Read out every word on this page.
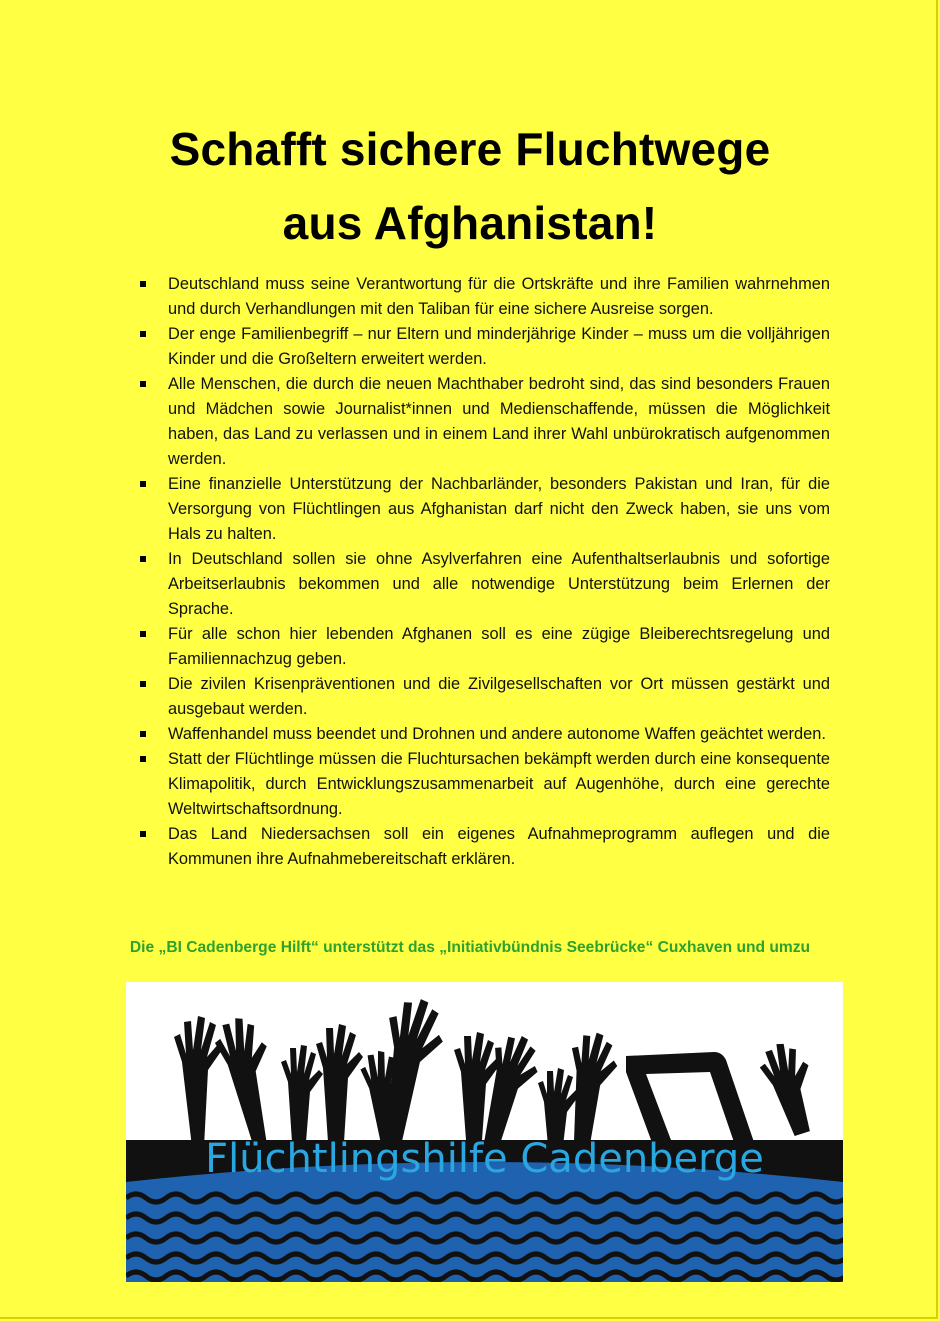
Schafft sichere Fluchtwege
aus Afghanistan!
Deutschland muss seine Verantwortung für die Ortskräfte und ihre Familien wahrnehmen und durch Verhandlungen mit den Taliban für eine sichere Ausreise sorgen.
Der enge Familienbegriff – nur Eltern und minderjährige Kinder – muss um die volljährigen Kinder und die Großeltern erweitert werden.
Alle Menschen, die durch die neuen Machthaber bedroht sind, das sind besonders Frauen und Mädchen sowie Journalist*innen und Medienschaffende, müssen die Möglichkeit haben, das Land zu verlassen und in einem Land ihrer Wahl unbürokratisch aufgenommen werden.
Eine finanzielle Unterstützung der Nachbarländer, besonders Pakistan und Iran, für die Versorgung von Flüchtlingen aus Afghanistan darf nicht den Zweck haben, sie uns vom Hals zu halten.
In Deutschland sollen sie ohne Asylverfahren eine Aufenthaltserlaubnis und sofortige Arbeitserlaubnis bekommen und alle notwendige Unterstützung beim Erlernen der Sprache.
Für alle schon hier lebenden Afghanen soll es eine zügige Bleiberechtsregelung und Familiennachzug geben.
Die zivilen Krisenpräventionen und die Zivilgesellschaften vor Ort müssen gestärkt und ausgebaut werden.
Waffenhandel muss beendet und Drohnen und andere autonome Waffen geächtet werden.
Statt der Flüchtlinge müssen die Fluchtursachen bekämpft werden durch eine konsequente Klimapolitik, durch Entwicklungszusammenarbeit auf Augenhöhe, durch eine gerechte Weltwirtschaftsordnung.
Das Land Niedersachsen soll ein eigenes Aufnahmeprogramm auflegen und die Kommunen ihre Aufnahmebereitschaft erklären.
Die „BI Cadenberge Hilft“ unterstützt das „Initiativbündnis Seebrücke“ Cuxhaven und umzu
Flüchtlingshilfe Cadenberge
